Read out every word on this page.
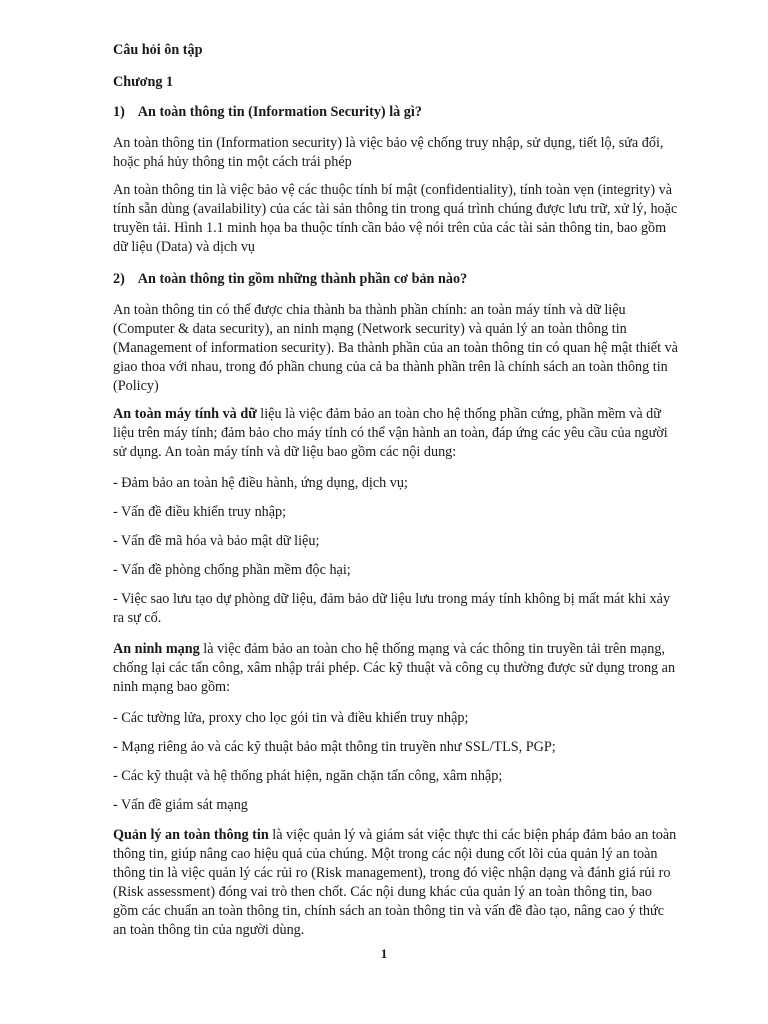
Câu hỏi ôn tập

Chương 1

1) An toàn thông tin (Information Security) là gì?

An toàn thông tin (Information security) là việc bảo vệ chống truy nhập, sử dụng, tiết lộ, sửa đổi, hoặc phá hủy thông tin một cách trái phép

An toàn thông tin là việc bảo vệ các thuộc tính bí mật (confidentiality), tính toàn vẹn (integrity) và tính sẵn dùng (availability) của các tài sản thông tin trong quá trình chúng được lưu trữ, xử lý, hoặc truyền tải. Hình 1.1 minh họa ba thuộc tính cần bảo vệ nói trên của các tài sản thông tin, bao gồm dữ liệu (Data) và dịch vụ

2) An toàn thông tin gồm những thành phần cơ bản nào?

An toàn thông tin có thể được chia thành ba thành phần chính: an toàn máy tính và dữ liệu (Computer & data security), an ninh mạng (Network security) và quản lý an toàn thông tin (Management of information security). Ba thành phần của an toàn thông tin có quan hệ mật thiết và giao thoa với nhau, trong đó phần chung của cả ba thành phần trên là chính sách an toàn thông tin (Policy)

An toàn máy tính và dữ liệu là việc đảm bảo an toàn cho hệ thống phần cứng, phần mềm và dữ liệu trên máy tính; đảm bảo cho máy tính có thể vận hành an toàn, đáp ứng các yêu cầu của người sử dụng. An toàn máy tính và dữ liệu bao gồm các nội dung:

- Đảm bảo an toàn hệ điều hành, ứng dụng, dịch vụ;

- Vấn đề điều khiển truy nhập;

- Vấn đề mã hóa và bảo mật dữ liệu;

- Vấn đề phòng chống phần mềm độc hại;

- Việc sao lưu tạo dự phòng dữ liệu, đảm bảo dữ liệu lưu trong máy tính không bị mất mát khi xảy ra sự cố.

An ninh mạng là việc đảm bảo an toàn cho hệ thống mạng và các thông tin truyền tải trên mạng, chống lại các tấn công, xâm nhập trái phép. Các kỹ thuật và công cụ thường được sử dụng trong an ninh mạng bao gồm:

- Các tường lửa, proxy cho lọc gói tin và điều khiển truy nhập;

- Mạng riêng ảo và các kỹ thuật bảo mật thông tin truyền như SSL/TLS, PGP;

- Các kỹ thuật và hệ thống phát hiện, ngăn chặn tấn công, xâm nhập;

- Vấn đề giám sát mạng

Quản lý an toàn thông tin là việc quản lý và giám sát việc thực thi các biện pháp đảm bảo an toàn thông tin, giúp nâng cao hiệu quả của chúng. Một trong các nội dung cốt lõi của quản lý an toàn thông tin là việc quản lý các rủi ro (Risk management), trong đó việc nhận dạng và đánh giá rủi ro (Risk assessment) đóng vai trò then chốt. Các nội dung khác của quản lý an toàn thông tin, bao gồm các chuẩn an toàn thông tin, chính sách an toàn thông tin và vấn đề đào tạo, nâng cao ý thức an toàn thông tin của người dùng.

1
